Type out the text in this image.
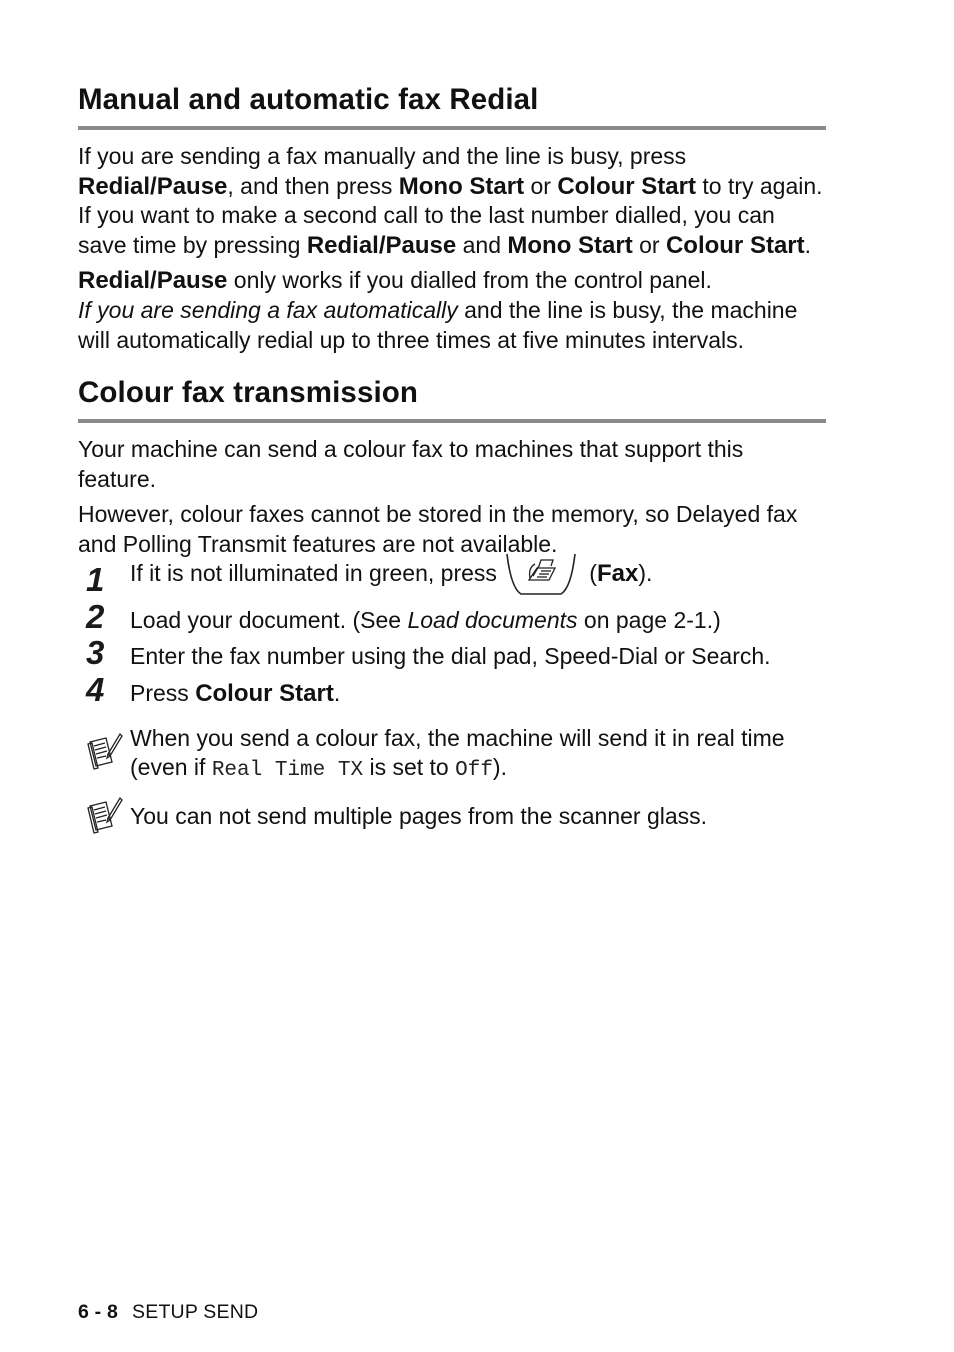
Manual and automatic fax Redial

If you are sending a fax manually and the line is busy, press Redial/Pause, and then press Mono Start or Colour Start to try again. If you want to make a second call to the last number dialled, you can save time by pressing Redial/Pause and Mono Start or Colour Start.

Redial/Pause only works if you dialled from the control panel.

If you are sending a fax automatically and the line is busy, the machine will automatically redial up to three times at five minutes intervals.

Colour fax transmission

Your machine can send a colour fax to machines that support this feature.

However, colour faxes cannot be stored in the memory, so Delayed fax and Polling Transmit features are not available.

1 If it is not illuminated in green, press	(Fax).
2 Load your document. (See Load documents on page 2-1.)
3 Enter the fax number using the dial pad, Speed-Dial or Search.
4 Press Colour Start.
When you send a colour fax, the machine will send it in real time (even if Real Time TX is set to Off).
You can not send multiple pages from the scanner glass.
6 - 8 SETUP SEND
